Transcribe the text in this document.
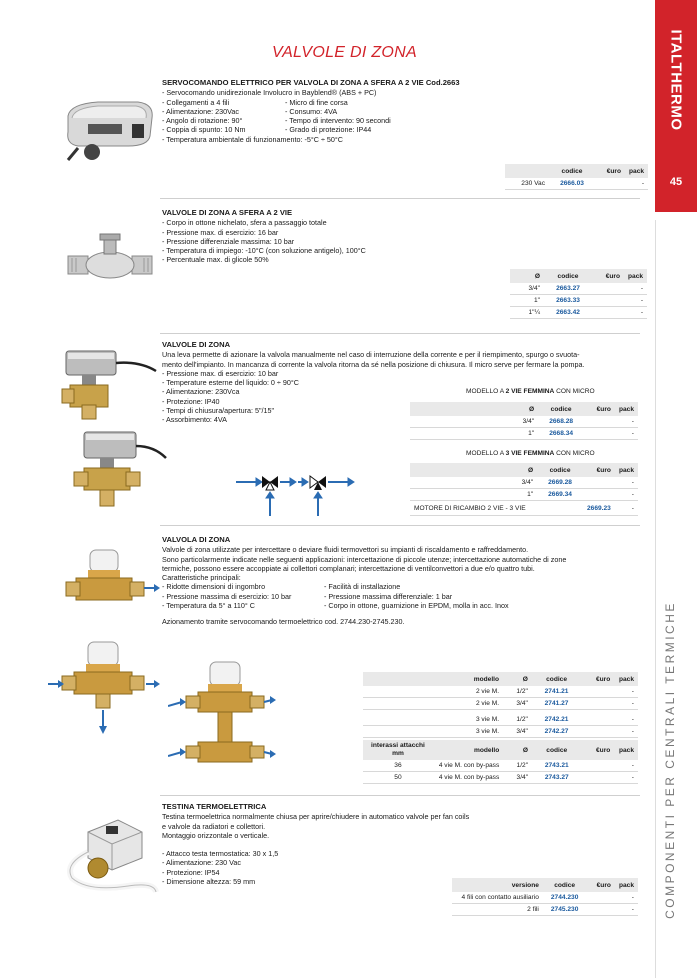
ITALTHERMO
45
COMPONENTI PER CENTRALI TERMICHE
VALVOLE DI ZONA
SERVOCOMANDO ELETTRICO PER VALVOLA DI ZONA A SFERA A 2 VIE Cod.2663
- Servocomando unidirezionale Involucro in Bayblend® (ABS + PC)
- Collegamenti a 4 fili	- Micro di fine corsa
- Alimentazione: 230Vac	- Consumo: 4VA
- Angolo di rotazione: 90°	- Tempo di intervento: 90 secondi
- Coppia di spunto: 10 Nm	- Grado di protezione: IP44
- Temperatura ambientale di funzionamento: -5°C ÷ 50°C
	codice	€uro	pack
230 Vac	2666.03		-
VALVOLE DI ZONA A SFERA A 2 VIE
- Corpo in ottone nichelato, sfera a passaggio totale
- Pressione max. di esercizio: 16 bar
- Pressione differenziale massima: 10 bar
- Temperatura di impiego: -10°C (con soluzione antigelo), 100°C
- Percentuale max. di glicole 50%
Ø	codice	€uro	pack
3/4"	2663.27		-
1"	2663.33		-
1"¼	2663.42		-
VALVOLE DI ZONA
Una leva permette di azionare la valvola manualmente nel caso di interruzione della corrente e per il riempimento, spurgo o svuota-
mento dell'impianto. In mancanza di corrente la valvola ritorna da sé nella posizione di chiusura. Il micro serve per fermare la pompa.
- Pressione max. di esercizio: 10 bar
- Temperature esterne del liquido: 0 ÷ 90°C
- Alimentazione: 230Vca
- Protezione: IP40
- Tempi di chiusura/apertura: 5"/15"
- Assorbimento: 4VA
MODELLO A 2 VIE FEMMINA CON MICRO
	Ø	codice	€uro	pack
	3/4"	2668.28		-
	1"	2668.34		-
MODELLO A 3 VIE FEMMINA CON MICRO
	Ø	codice	€uro	pack
	3/4"	2669.28		-
	1"	2669.34		-
MOTORE DI RICAMBIO 2 VIE - 3 VIE			2669.23	-
VALVOLA DI ZONA
Valvole di zona utilizzate per intercettare o deviare fluidi termovettori su impianti di riscaldamento e raffreddamento.
Sono particolarmente indicate nelle seguenti applicazioni: intercettazione di piccole utenze; intercettazione automatiche di zone
termiche, possono essere accoppiate ai collettori complanari; intercettazione di ventilconvettori a due e/o quattro tubi.
Caratteristiche principali:
- Ridotte dimensioni di ingombro	- Facilità di installazione
- Pressione massima di esercizio: 10 bar	- Pressione massima differenziale: 1 bar
- Temperatura da 5° a 110° C	- Corpo in ottone, guarnizione in EPDM, molla in acc. Inox
Azionamento tramite servocomando termoelettrico cod. 2744.230-2745.230.
	modello	Ø	codice	€uro	pack
	2 vie M.	1/2"	2741.21		-
	2 vie M.	3/4"	2741.27		-

	3 vie M.	1/2"	2742.21		-
	3 vie M.	3/4"	2742.27		-
interassi attacchi mm	modello	Ø	codice	€uro	pack
36	4 vie M. con by-pass	1/2"	2743.21		-
50	4 vie M. con by-pass	3/4"	2743.27		-
TESTINA TERMOELETTRICA
Testina termoelettrica normalmente chiusa per aprire/chiudere in automatico valvole per fan coils
e valvole da radiatori e collettori.
Montaggio orizzontale o verticale.
- Attacco testa termostatica: 30 x 1,5
- Alimentazione: 230 Vac
- Protezione: IP54
- Dimensione altezza: 59 mm	versione	codice	€uro	pack
4 fili con contatto ausiliario	2744.230		-
2 fili	2745.230		-
